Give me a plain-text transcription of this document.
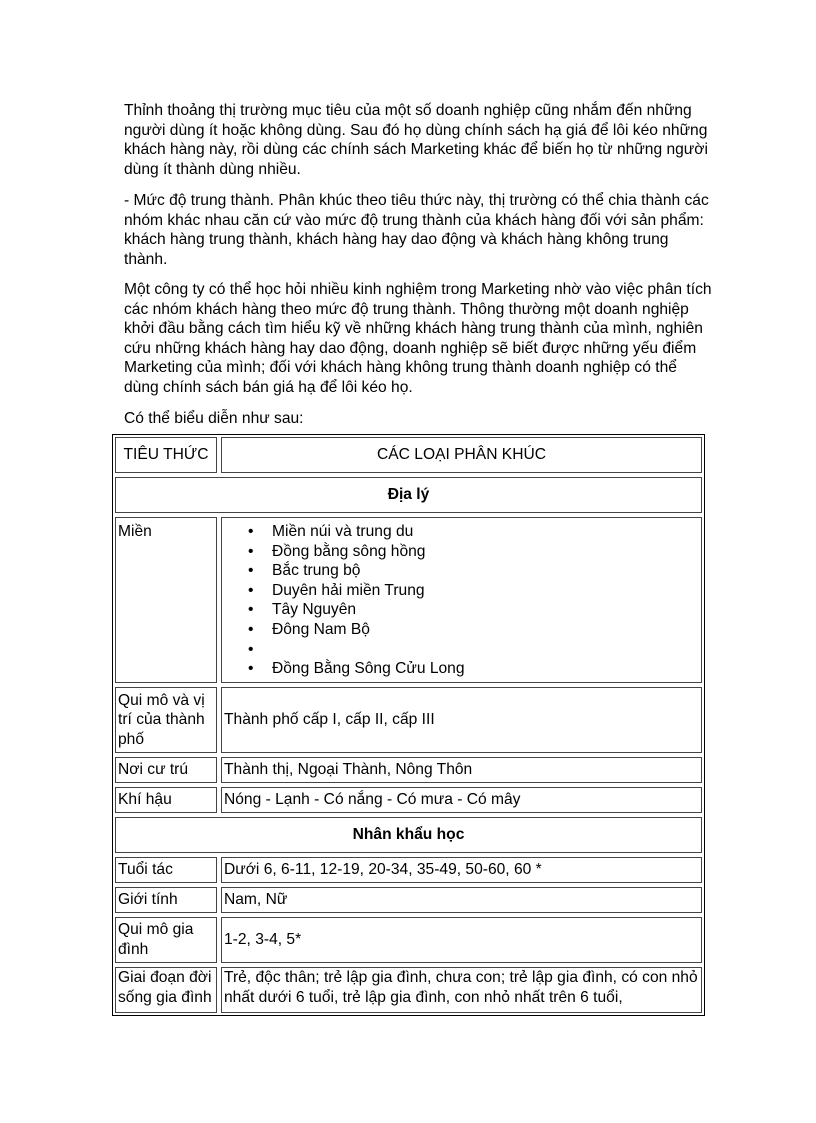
Thỉnh thoảng thị trường mục tiêu của một số doanh nghiệp cũng nhắm đến những người dùng ít hoặc không dùng. Sau đó họ dùng chính sách hạ giá để lôi kéo những khách hàng này, rồi dùng các chính sách Marketing khác để biến họ từ những người dùng ít thành dùng nhiều.

- Mức độ trung thành. Phân khúc theo tiêu thức này, thị trường có thể chia thành các nhóm khác nhau căn cứ vào mức độ trung thành của khách hàng đối với sản phẩm: khách hàng trung thành, khách hàng hay dao động và khách hàng không trung thành.

Một công ty có thể học hỏi nhiều kinh nghiệm trong Marketing nhờ vào việc phân tích các nhóm khách hàng theo mức độ trung thành. Thông thường một doanh nghiệp khởi đầu bằng cách tìm hiểu kỹ về những khách hàng trung thành của mình, nghiên cứu những khách hàng hay dao động, doanh nghiệp sẽ biết được những yếu điểm Marketing của mình; đối với khách hàng không trung thành doanh nghiệp có thể dùng chính sách bán giá hạ để lôi kéo họ.

Có thể biểu diễn như sau:

TIÊU THỨC	CÁC LOẠI PHÂN KHÚC
Địa lý
Miền
•	Miền núi và trung du
• Đồng bằng sông hồng
• Bắc trung bộ
• Duyên hải miền Trung
• Tây Nguyên
• Đông Nam Bộ
•
• Đồng Bằng Sông Cửu Long
Qui mô và vị trí của thành phố
Thành phố cấp I, cấp II, cấp III
Nơi cư trú	Thành thị, Ngoại Thành, Nông Thôn
Khí hậu	Nóng - Lạnh - Có nắng - Có mưa - Có mây
Nhân khẩu học
Tuổi tác	Dưới 6, 6-11, 12-19, 20-34, 35-49, 50-60, 60 *
Giới tính	Nam, Nữ
Qui mô gia đình
1-2, 3-4, 5*
Giai đoạn đời sống gia đình
Trẻ, độc thân; trẻ lập gia đình, chưa con; trẻ lập gia đình, có con nhỏ nhất dưới 6 tuổi, trẻ lập gia đình, con nhỏ nhất trên 6 tuổi,
